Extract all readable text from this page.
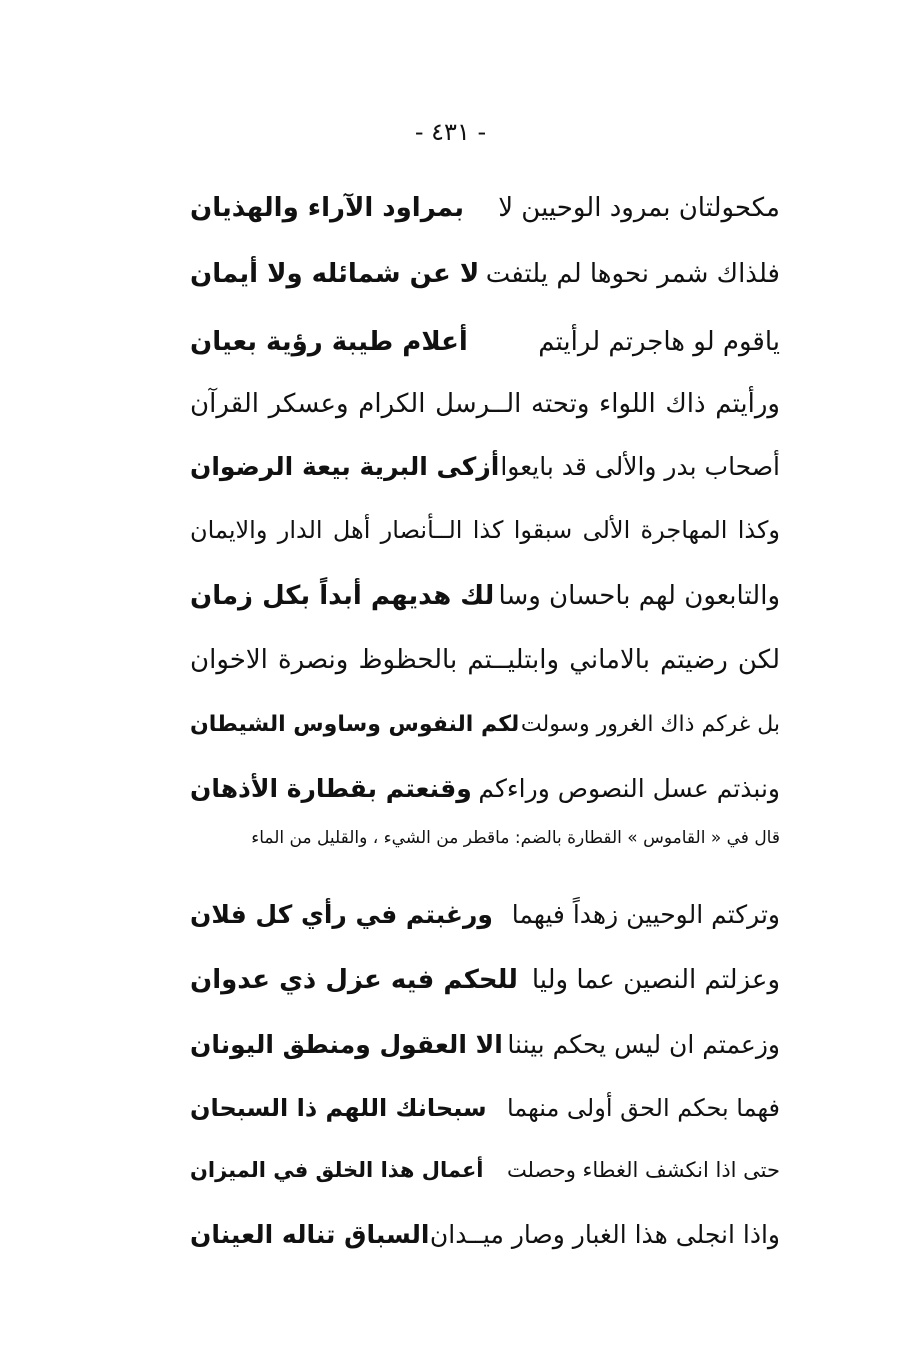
- ٤٣١ -
مكحولتان بمرود الوحيين لا
بمراود الآراء والهذيان
فلذاك شمر نحوها لم يلتفت
لا عن شمائله ولا أيمان
ياقوم لو هاجرتم لرأيتم
أعلام طيبة رؤية بعيان
ورأيتم ذاك اللواء وتحته الـ‍ـرسل الكرام وعسكر القرآن
أصحاب بدر والألى قد بايعوا
أزكى البرية بيعة الرضوان
وكذا المهاجرة الألى سبقوا كذا الـ‍ـأنصار أهل الدار والايمان
والتابعون لهم باحسان وسا
لك هديهم أبداً بكل زمان
لكن رضيتم بالاماني وابتليـ‍ـتم بالحظوظ ونصرة الاخوان
بل غركم ذاك الغرور وسولت
لكم النفوس وساوس الشيطان
ونبذتم عسل النصوص وراءكم
وقنعتم بقطارة الأذهان
قال في « القاموس » القطارة بالضم: ماقطر من الشيء ، والقليل من الماء
وتركتم الوحيين زهداً فيهما
ورغبتم في رأي كل فلان
وعزلتم النصين عما وليا
للحكم فيه عزل ذي عدوان
وزعمتم ان ليس يحكم بيننا
الا العقول ومنطق اليونان
فهما بحكم الحق أولى منهما
سبحانك اللهم ذا السبحان
حتى اذا انكشف الغطاء وحصلت
أعمال هذا الخلق في الميزان
واذا انجلى هذا الغبار وصار ميـ‍ـدان
السباق تناله العينان
